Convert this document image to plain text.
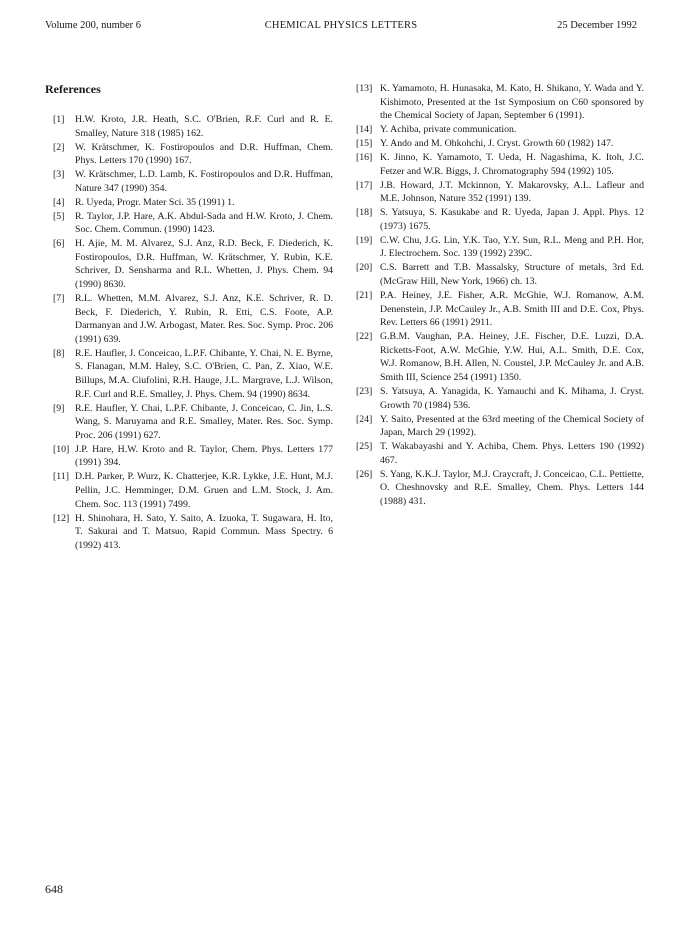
Volume 200, number 6	CHEMICAL PHYSICS LETTERS	25 December 1992
References
[1]	H.W. Kroto, J.R. Heath, S.C. O'Brien, R.F. Curl and R. E. Smalley, Nature 318 (1985) 162.
[2]	W. Krätschmer, K. Fostiropoulos and D.R. Huffman, Chem. Phys. Letters 170 (1990) 167.
[3]	W. Krätschmer, L.D. Lamb, K. Fostiropoulos and D.R. Huffman, Nature 347 (1990) 354.
[4]	R. Uyeda, Progr. Mater Sci. 35 (1991) 1.
[5]	R. Taylor, J.P. Hare, A.K. Abdul-Sada and H.W. Kroto, J. Chem. Soc. Chem. Commun. (1990) 1423.
[6]	H. Ajie, M. M. Alvarez, S.J. Anz, R.D. Beck, F. Diederich, K. Fostiropoulos, D.R. Huffman, W. Krätschmer, Y. Rubin, K.E. Schriver, D. Sensharma and R.L. Whetten, J. Phys. Chem. 94 (1990) 8630.
[7]	R.L. Whetten, M.M. Alvarez, S.J. Anz, K.E. Schriver, R. D. Beck, F. Diederich, Y. Rubin, R. Etti, C.S. Foote, A.P. Darmanyan and J.W. Arbogast, Mater. Res. Soc. Symp. Proc. 206 (1991) 639.
[8]	R.E. Haufler, J. Conceicao, L.P.F. Chibante, Y. Chai, N. E. Byrne, S. Flanagan, M.M. Haley, S.C. O'Brien, C. Pan, Z. Xiao, W.E. Billups, M.A. Ciufolini, R.H. Hauge, J.L. Margrave, L.J. Wilson, R.F. Curl and R.E. Smalley, J. Phys. Chem. 94 (1990) 8634.
[9]	R.E. Haufler, Y. Chai, L.P.F. Chibante, J. Conceicao, C. Jin, L.S. Wang, S. Maruyama and R.E. Smalley, Mater. Res. Soc. Symp. Proc. 206 (1991) 627.
[10] J.P. Hare, H.W. Kroto and R. Taylor, Chem. Phys. Letters 177 (1991) 394.
[11] D.H. Parker, P. Wurz, K. Chatterjee, K.R. Lykke, J.E. Hunt, M.J. Pellin, J.C. Hemminger, D.M. Gruen and L.M. Stock, J. Am. Chem. Soc. 113 (1991) 7499.
[12] H. Shinohara, H. Sato, Y. Saito, A. Izuoka, T. Sugawara, H. Ito, T. Sakurai and T. Matsuo, Rapid Commun. Mass Spectry. 6 (1992) 413.
[13] K. Yamamoto, H. Hunasaka, M. Kato, H. Shikano, Y. Wada and Y. Kishimoto, Presented at the 1st Symposium on C60 sponsored by the Chemical Society of Japan, September 6 (1991).
[14] Y. Achiba, private communication.
[15] Y. Ando and M. Ohkohchi, J. Cryst. Growth 60 (1982) 147.
[16] K. Jinno, K. Yamamoto, T. Ueda, H. Nagashima, K. Itoh, J.C. Fetzer and W.R. Biggs, J. Chromatography 594 (1992) 105.
[17] J.B. Howard, J.T. Mckinnon, Y. Makarovsky, A.L. Lafleur and M.E. Johnson, Nature 352 (1991) 139.
[18] S. Yatsuya, S. Kasukabe and R. Uyeda, Japan J. Appl. Phys. 12 (1973) 1675.
[19] C.W. Chu, J.G. Lin, Y.K. Tao, Y.Y. Sun, R.L. Meng and P.H. Hor, J. Electrochem. Soc. 139 (1992) 239C.
[20] C.S. Barrett and T.B. Massalsky, Structure of metals, 3rd Ed. (McGraw Hill, New York, 1966) ch. 13.
[21] P.A. Heiney, J.E. Fisher, A.R. McGhie, W.J. Romanow, A.M. Denenstein, J.P. McCauley Jr., A.B. Smith III and D.E. Cox, Phys. Rev. Letters 66 (1991) 2911.
[22] G.B.M. Vaughan, P.A. Heiney, J.E. Fischer, D.E. Luzzi, D.A. Ricketts-Foot, A.W. McGhie, Y.W. Hui, A.L. Smith, D.E. Cox, W.J. Romanow, B.H. Allen, N. Coustel, J.P. McCauley Jr. and A.B. Smith III, Science 254 (1991) 1350.
[23] S. Yatsuya, A. Yanagida, K. Yamauchi and K. Mihama, J. Cryst. Growth 70 (1984) 536.
[24] Y. Saito, Presented at the 63rd meeting of the Chemical Society of Japan, March 29 (1992).
[25] T. Wakabayashi and Y. Achiba, Chem. Phys. Letters 190 (1992) 467.
[26] S. Yang, K.K.J. Taylor, M.J. Craycraft, J. Conceicao, C.L. Pettiette, O. Cheshnovsky and R.E. Smalley, Chem. Phys. Letters 144 (1988) 431.
648
